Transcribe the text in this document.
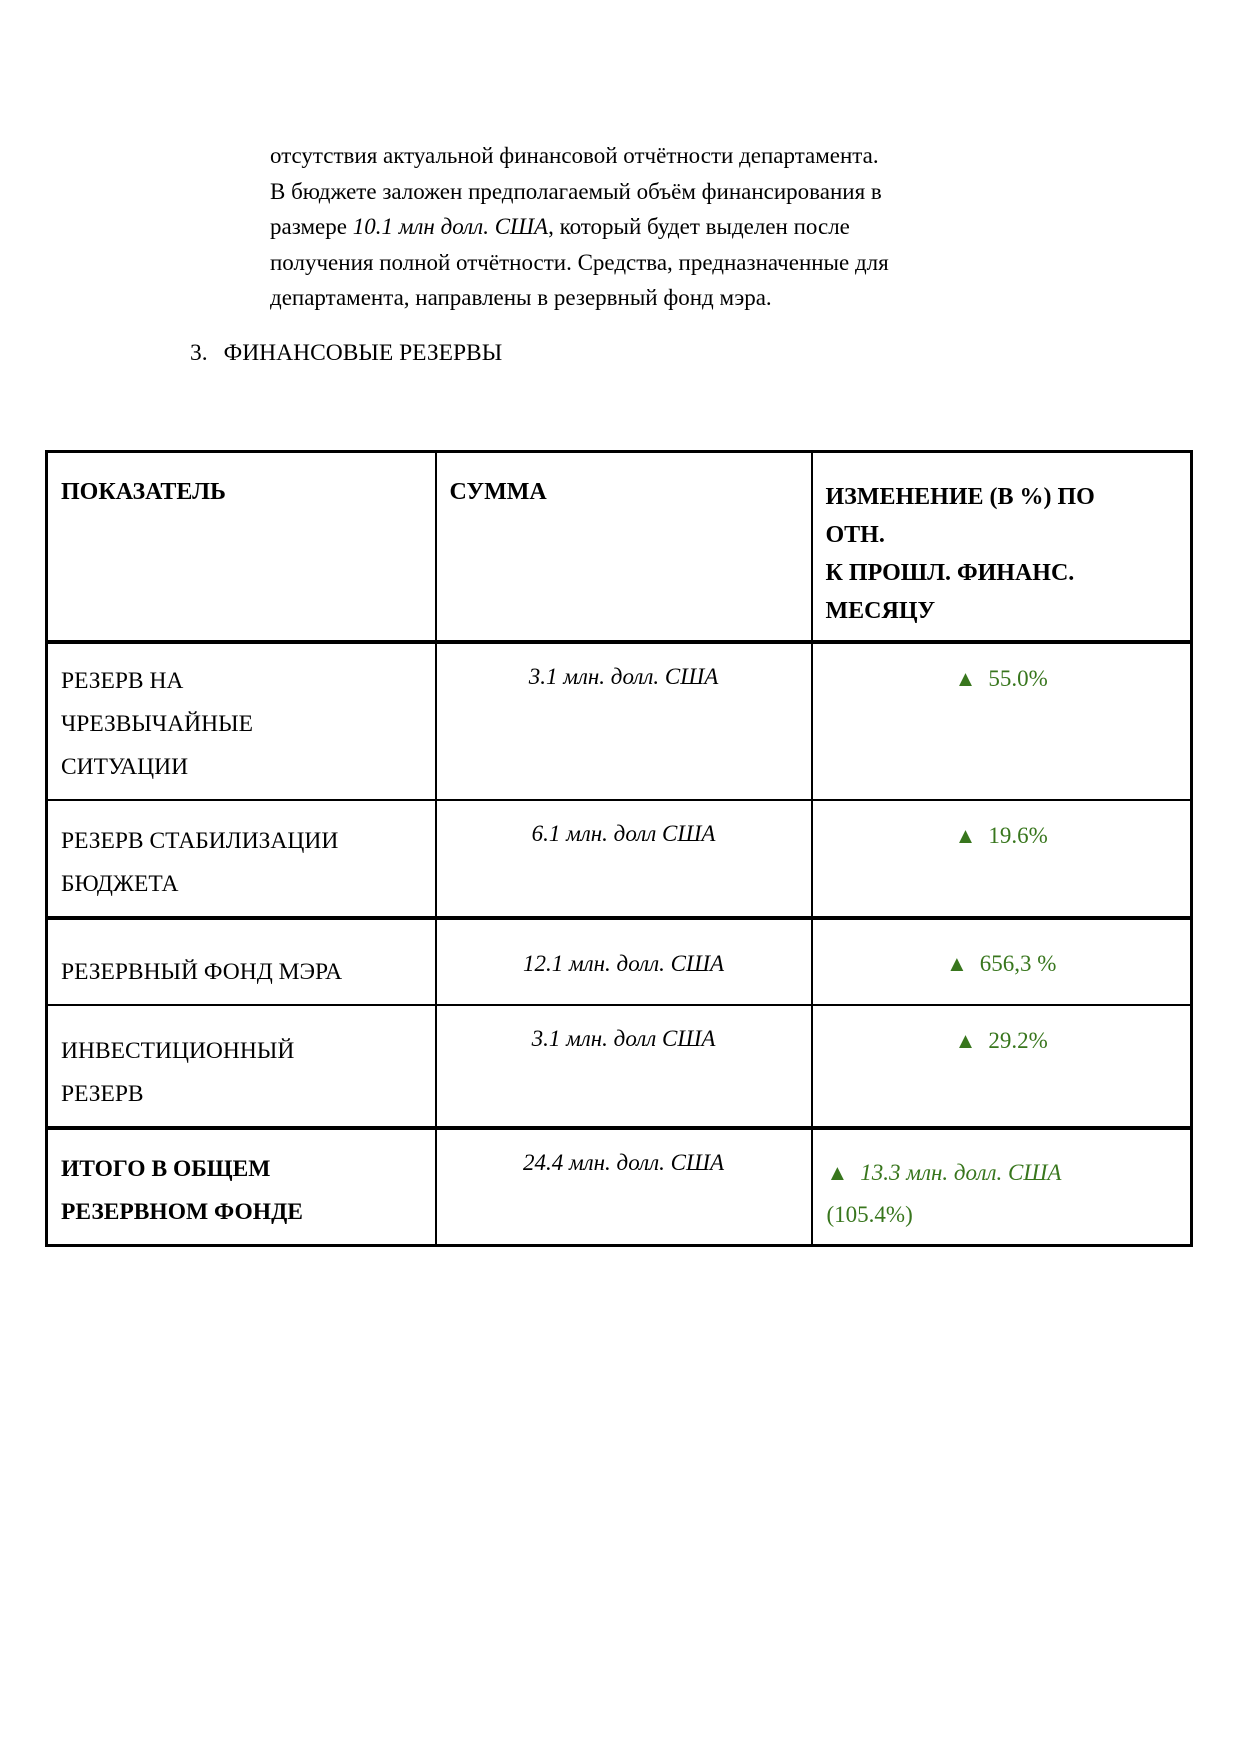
отсутствия актуальной финансовой отчётности департамента.
В бюджете заложен предполагаемый объём финансирования в
размере 10.1 млн долл. США, который будет выделен после
получения полной отчётности. Средства, предназначенные для
департамента, направлены в резервный фонд мэра.
3. ФИНАНСОВЫЕ РЕЗЕРВЫ
ПОКАЗАТЕЛЬ	СУММА	ИЗМЕНЕНИЕ (В %) ПО
ОТН.
К ПРОШЛ. ФИНАНС.
МЕСЯЦУ
РЕЗЕРВ НА
ЧРЕЗВЫЧАЙНЫЕ
СИТУАЦИИ	3.1 млн. долл. США	▲ 55.0%
РЕЗЕРВ СТАБИЛИЗАЦИИ
БЮДЖЕТА	6.1 млн. долл США	▲ 19.6%
РЕЗЕРВНЫЙ ФОНД МЭРА	12.1 млн. долл. США	▲ 656,3 %
ИНВЕСТИЦИОННЫЙ
РЕЗЕРВ	3.1 млн. долл США	▲ 29.2%
ИТОГО В ОБЩЕМ
РЕЗЕРВНОМ ФОНДЕ	24.4 млн. долл. США	▲ 13.3 млн. долл. США
(105.4%)
